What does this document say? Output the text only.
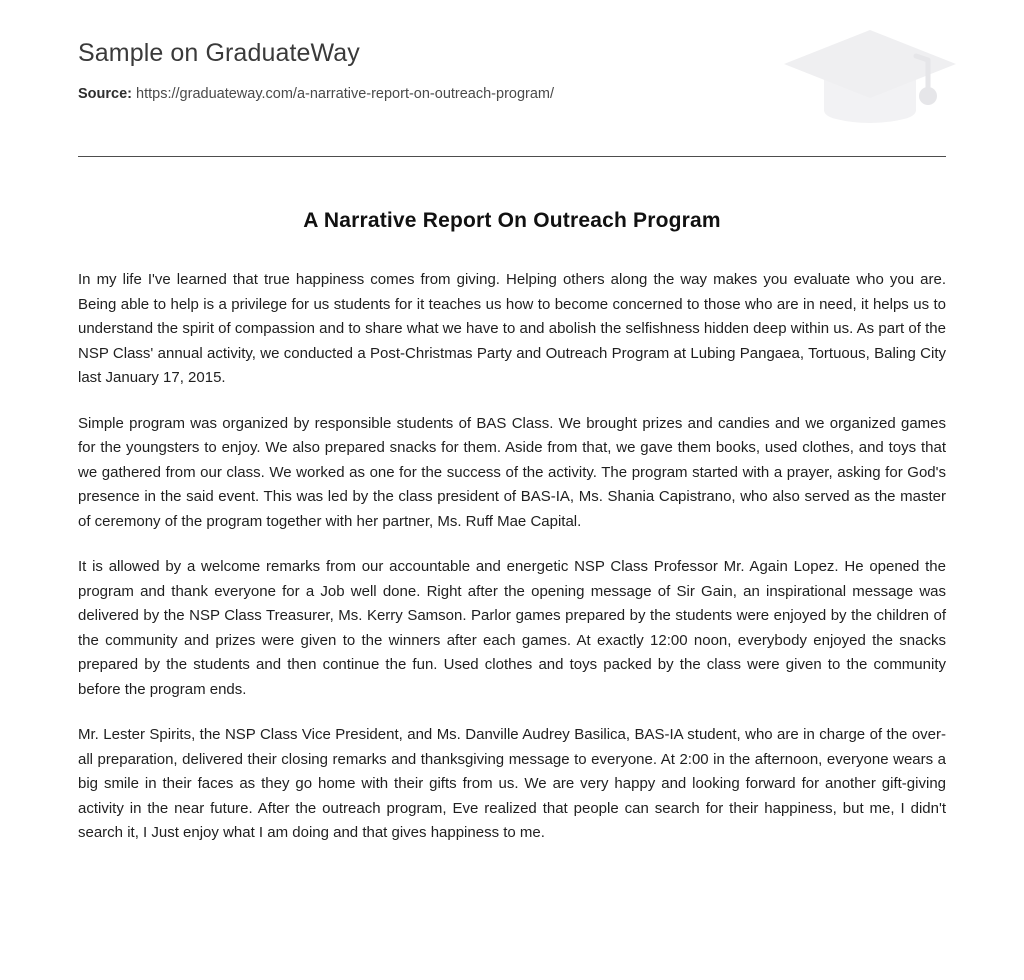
Sample on GraduateWay
Source: https://graduateway.com/a-narrative-report-on-outreach-program/
A Narrative Report On Outreach Program

In my life I've learned that true happiness comes from giving. Helping others along the way makes you evaluate who you are. Being able to help is a privilege for us students for it teaches us how to become concerned to those who are in need, it helps us to understand the spirit of compassion and to share what we have to and abolish the selfishness hidden deep within us. As part of the NSP Class' annual activity, we conducted a Post-Christmas Party and Outreach Program at Lubing Pangaea, Tortuous, Baling City last January 17, 2015.

Simple program was organized by responsible students of BAS Class. We brought prizes and candies and we organized games for the youngsters to enjoy. We also prepared snacks for them. Aside from that, we gave them books, used clothes, and toys that we gathered from our class. We worked as one for the success of the activity. The program started with a prayer, asking for God's presence in the said event. This was led by the class president of BAS-IA, Ms. Shania Capistrano, who also served as the master of ceremony of the program together with her partner, Ms. Ruff Mae Capital.

It is allowed by a welcome remarks from our accountable and energetic NSP Class Professor Mr. Again Lopez. He opened the program and thank everyone for a Job well done. Right after the opening message of Sir Gain, an inspirational message was delivered by the NSP Class Treasurer, Ms. Kerry Samson. Parlor games prepared by the students were enjoyed by the children of the community and prizes were given to the winners after each games. At exactly 12:00 noon, everybody enjoyed the snacks prepared by the students and then continue the fun. Used clothes and toys packed by the class were given to the community before the program ends.

Mr. Lester Spirits, the NSP Class Vice President, and Ms. Danville Audrey Basilica, BAS-IA student, who are in charge of the over-all preparation, delivered their closing remarks and thanksgiving message to everyone. At 2:00 in the afternoon, everyone wears a big smile in their faces as they go home with their gifts from us. We are very happy and looking forward for another gift-giving activity in the near future. After the outreach program, Eve realized that people can search for their happiness, but me, I didn't search it, I Just enjoy what I am doing and that gives happiness to me.
